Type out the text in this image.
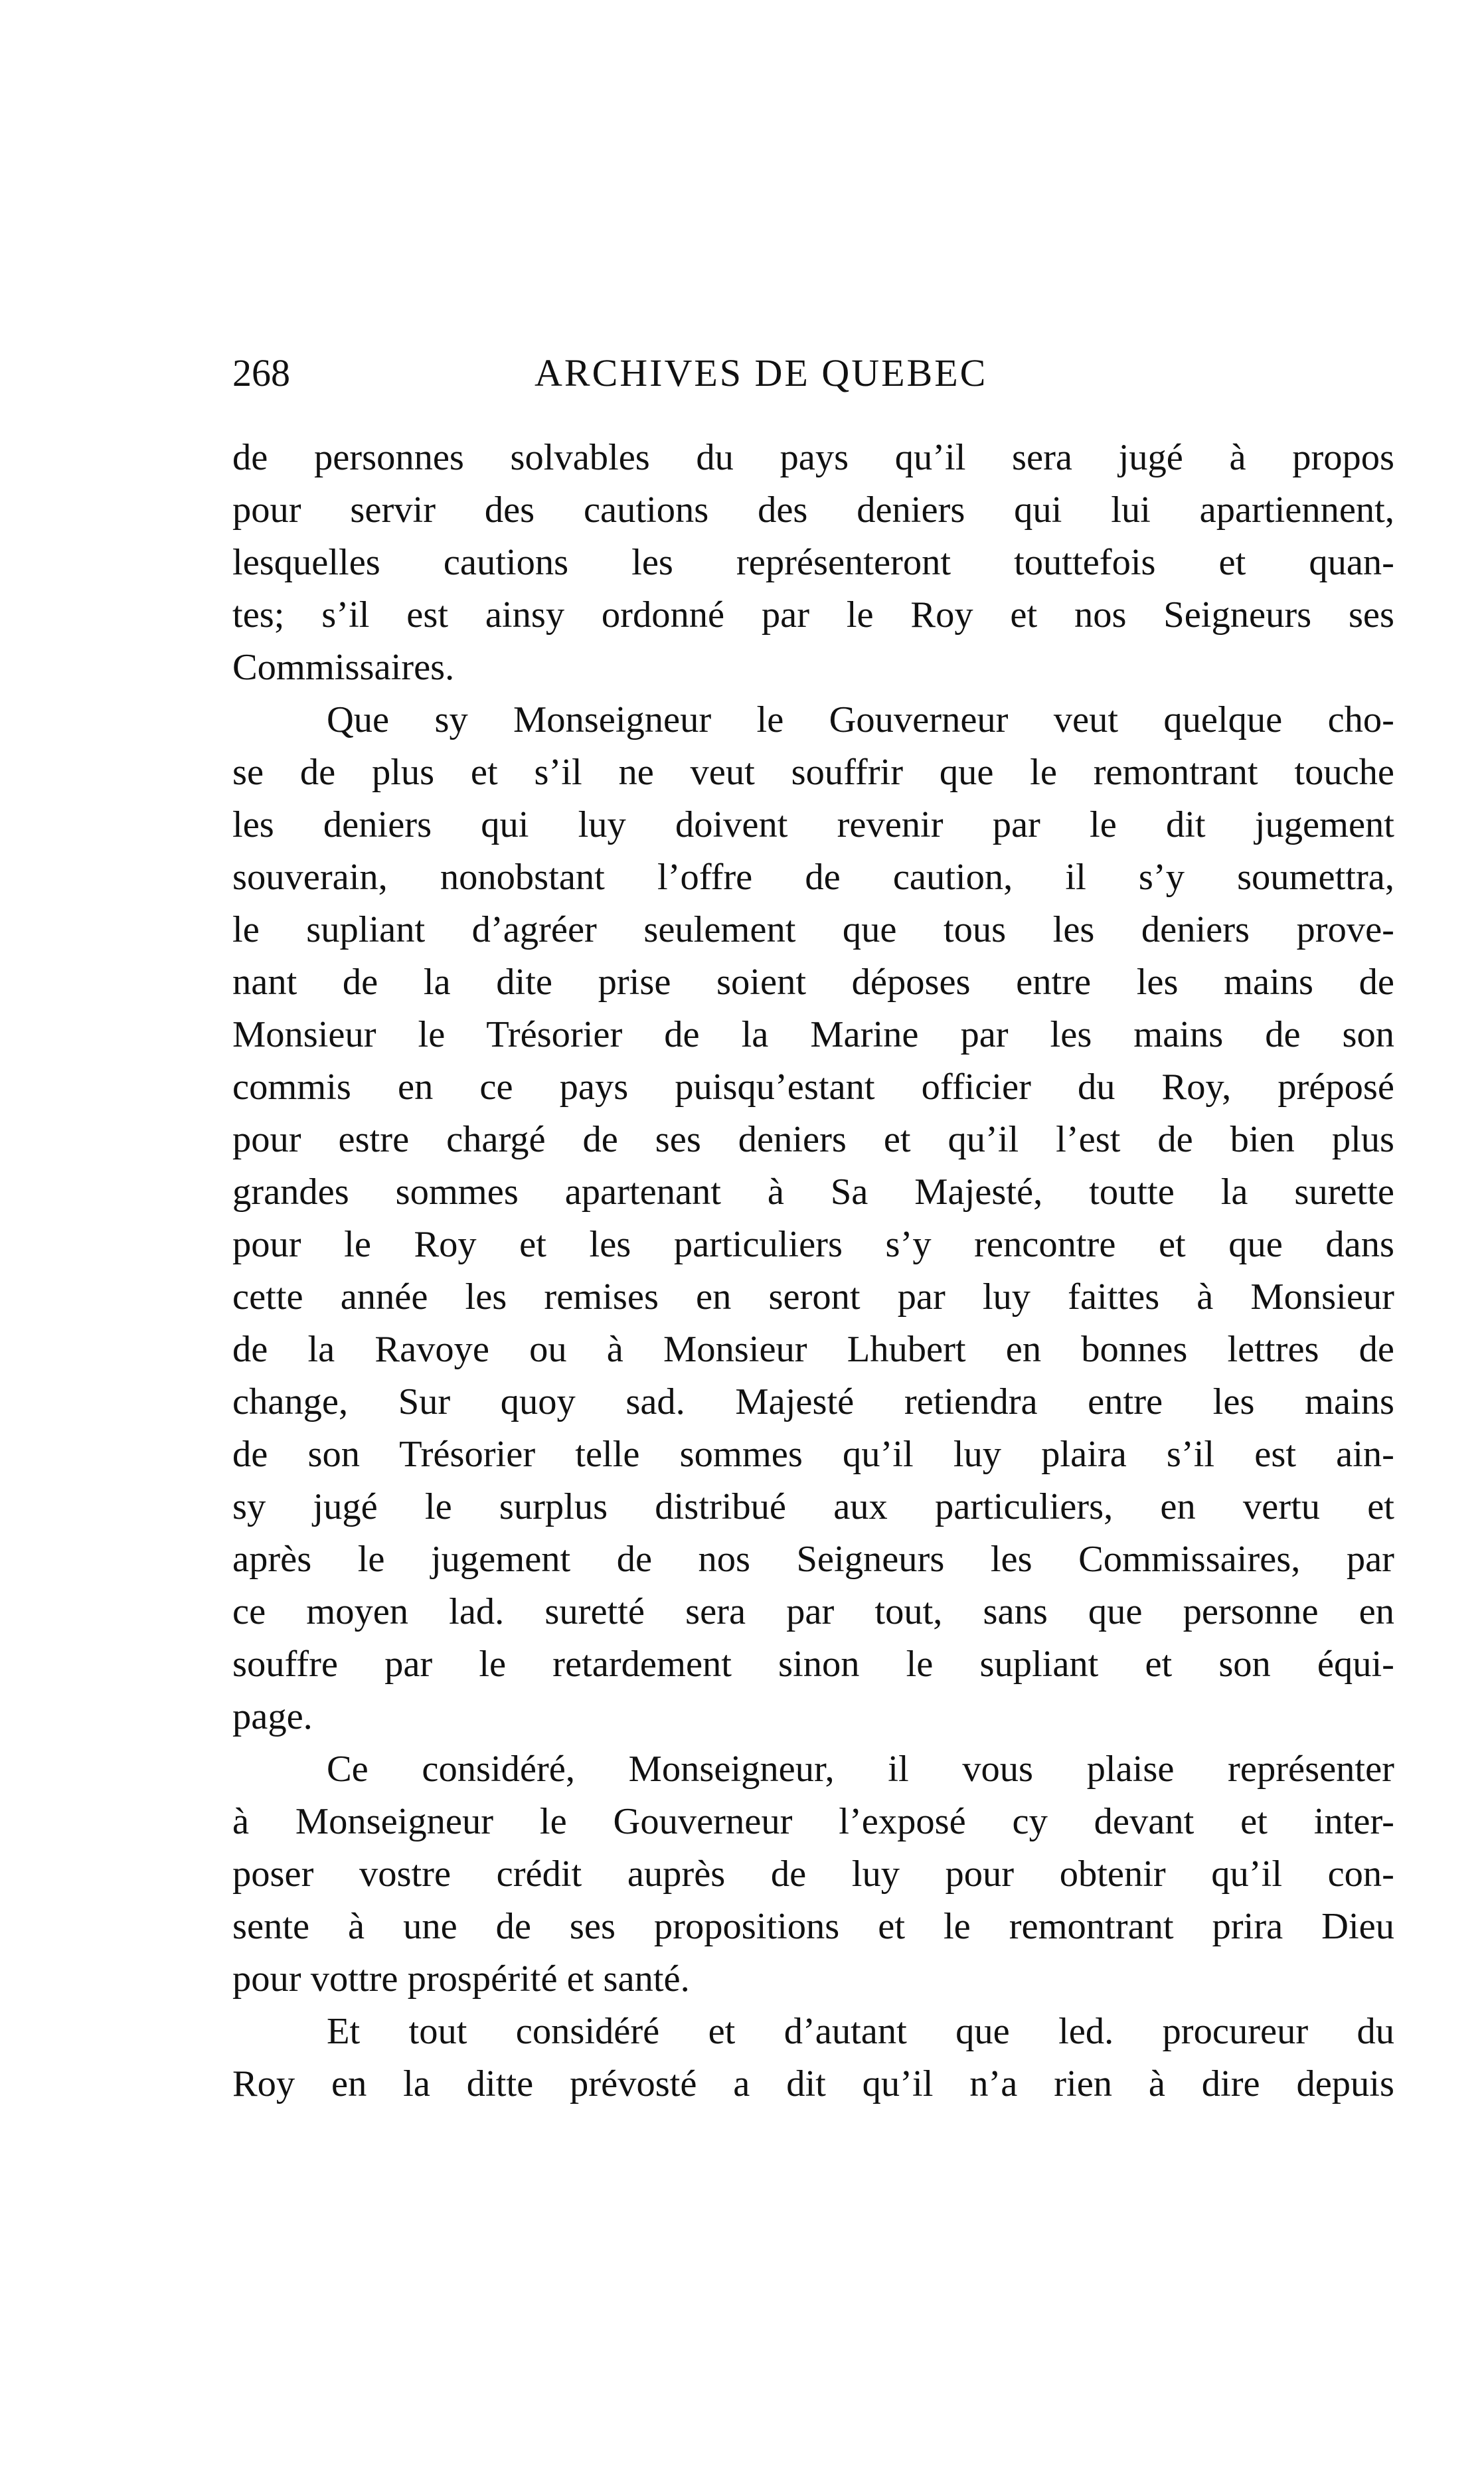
268	ARCHIVES DE QUEBEC
de personnes solvables du pays qu’il sera jugé à propos
pour servir des cautions des deniers qui lui apartiennent,
lesquelles cautions les représenteront touttefois et quan-
tes; s’il est ainsy ordonné par le Roy et nos Seigneurs ses
Commissaires.
Que sy Monseigneur le Gouverneur veut quelque cho-
se de plus et s’il ne veut souffrir que le remontrant touche
les deniers qui luy doivent revenir par le dit jugement
souverain, nonobstant l’offre de caution, il s’y soumettra,
le supliant d’agréer seulement que tous les deniers prove-
nant de la dite prise soient déposes entre les mains de
Monsieur le Trésorier de la Marine par les mains de son
commis en ce pays puisqu’estant officier du Roy, préposé
pour estre chargé de ses deniers et qu’il l’est de bien plus
grandes sommes apartenant à Sa Majesté, toutte la surette
pour le Roy et les particuliers s’y rencontre et que dans
cette année les remises en seront par luy faittes à Monsieur
de la Ravoye ou à Monsieur Lhubert en bonnes lettres de
change, Sur quoy sad. Majesté retiendra entre les mains
de son Trésorier telle sommes qu’il luy plaira s’il est ain-
sy jugé le surplus distribué aux particuliers, en vertu et
après le jugement de nos Seigneurs les Commissaires, par
ce moyen lad. suretté sera par tout, sans que personne en
souffre par le retardement sinon le supliant et son équi-
page.
Ce considéré, Monseigneur, il vous plaise représenter
à Monseigneur le Gouverneur l’exposé cy devant et inter-
poser vostre crédit auprès de luy pour obtenir qu’il con-
sente à une de ses propositions et le remontrant prira Dieu
pour vottre prospérité et santé.
Et tout considéré et d’autant que led. procureur du
Roy en la ditte prévosté a dit qu’il n’a rien à dire depuis
